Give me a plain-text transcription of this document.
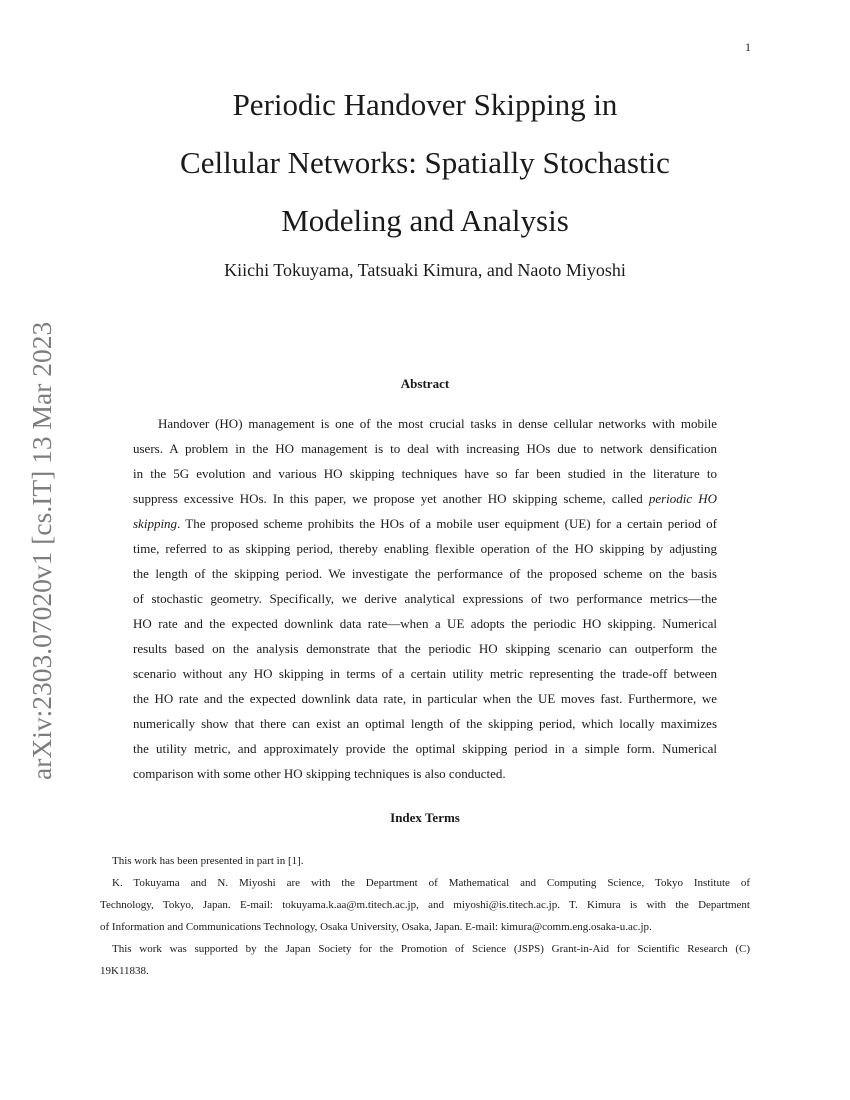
1
arXiv:2303.07020v1 [cs.IT] 13 Mar 2023
Periodic Handover Skipping in
Cellular Networks: Spatially Stochastic
Modeling and Analysis
Kiichi Tokuyama, Tatsuaki Kimura, and Naoto Miyoshi
Abstract
Handover (HO) management is one of the most crucial tasks in dense cellular networks with mobile
users. A problem in the HO management is to deal with increasing HOs due to network densification
in the 5G evolution and various HO skipping techniques have so far been studied in the literature to
suppress excessive HOs. In this paper, we propose yet another HO skipping scheme, called periodic HO
skipping. The proposed scheme prohibits the HOs of a mobile user equipment (UE) for a certain period of
time, referred to as skipping period, thereby enabling flexible operation of the HO skipping by adjusting
the length of the skipping period. We investigate the performance of the proposed scheme on the basis
of stochastic geometry. Specifically, we derive analytical expressions of two performance metrics—the
HO rate and the expected downlink data rate—when a UE adopts the periodic HO skipping. Numerical
results based on the analysis demonstrate that the periodic HO skipping scenario can outperform the
scenario without any HO skipping in terms of a certain utility metric representing the trade-off between
the HO rate and the expected downlink data rate, in particular when the UE moves fast. Furthermore, we
numerically show that there can exist an optimal length of the skipping period, which locally maximizes
the utility metric, and approximately provide the optimal skipping period in a simple form. Numerical
comparison with some other HO skipping techniques is also conducted.
Index Terms
This work has been presented in part in [1].
K. Tokuyama and N. Miyoshi are with the Department of Mathematical and Computing Science, Tokyo Institute of
Technology, Tokyo, Japan. E-mail: tokuyama.k.aa@m.titech.ac.jp, and miyoshi@is.titech.ac.jp. T. Kimura is with the Department
of Information and Communications Technology, Osaka University, Osaka, Japan. E-mail: kimura@comm.eng.osaka-u.ac.jp.
This work was supported by the Japan Society for the Promotion of Science (JSPS) Grant-in-Aid for Scientific Research (C)
19K11838.
